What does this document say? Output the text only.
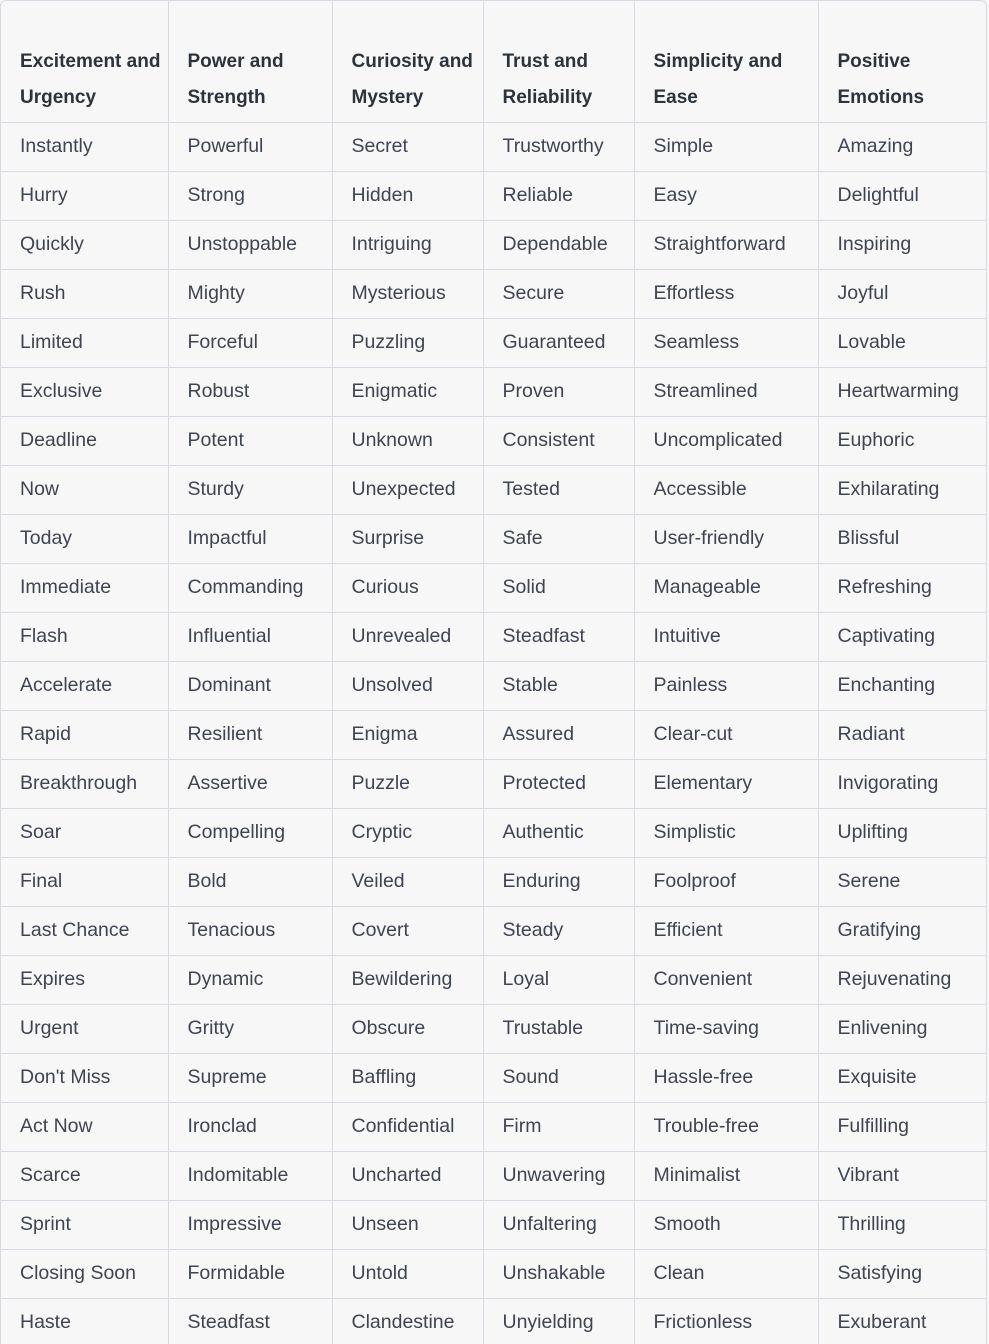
Excitement and Urgency	Power and Strength	Curiosity and Mystery	Trust and Reliability	Simplicity and Ease	Positive Emotions
Instantly	Powerful	Secret	Trustworthy	Simple	Amazing
Hurry	Strong	Hidden	Reliable	Easy	Delightful
Quickly	Unstoppable	Intriguing	Dependable	Straightforward	Inspiring
Rush	Mighty	Mysterious	Secure	Effortless	Joyful
Limited	Forceful	Puzzling	Guaranteed	Seamless	Lovable
Exclusive	Robust	Enigmatic	Proven	Streamlined	Heartwarming
Deadline	Potent	Unknown	Consistent	Uncomplicated	Euphoric
Now	Sturdy	Unexpected	Tested	Accessible	Exhilarating
Today	Impactful	Surprise	Safe	User-friendly	Blissful
Immediate	Commanding	Curious	Solid	Manageable	Refreshing
Flash	Influential	Unrevealed	Steadfast	Intuitive	Captivating
Accelerate	Dominant	Unsolved	Stable	Painless	Enchanting
Rapid	Resilient	Enigma	Assured	Clear-cut	Radiant
Breakthrough	Assertive	Puzzle	Protected	Elementary	Invigorating
Soar	Compelling	Cryptic	Authentic	Simplistic	Uplifting
Final	Bold	Veiled	Enduring	Foolproof	Serene
Last Chance	Tenacious	Covert	Steady	Efficient	Gratifying
Expires	Dynamic	Bewildering	Loyal	Convenient	Rejuvenating
Urgent	Gritty	Obscure	Trustable	Time-saving	Enlivening
Don't Miss	Supreme	Baffling	Sound	Hassle-free	Exquisite
Act Now	Ironclad	Confidential	Firm	Trouble-free	Fulfilling
Scarce	Indomitable	Uncharted	Unwavering	Minimalist	Vibrant
Sprint	Impressive	Unseen	Unfaltering	Smooth	Thrilling
Closing Soon	Formidable	Untold	Unshakable	Clean	Satisfying
Haste	Steadfast	Clandestine	Unyielding	Frictionless	Exuberant
